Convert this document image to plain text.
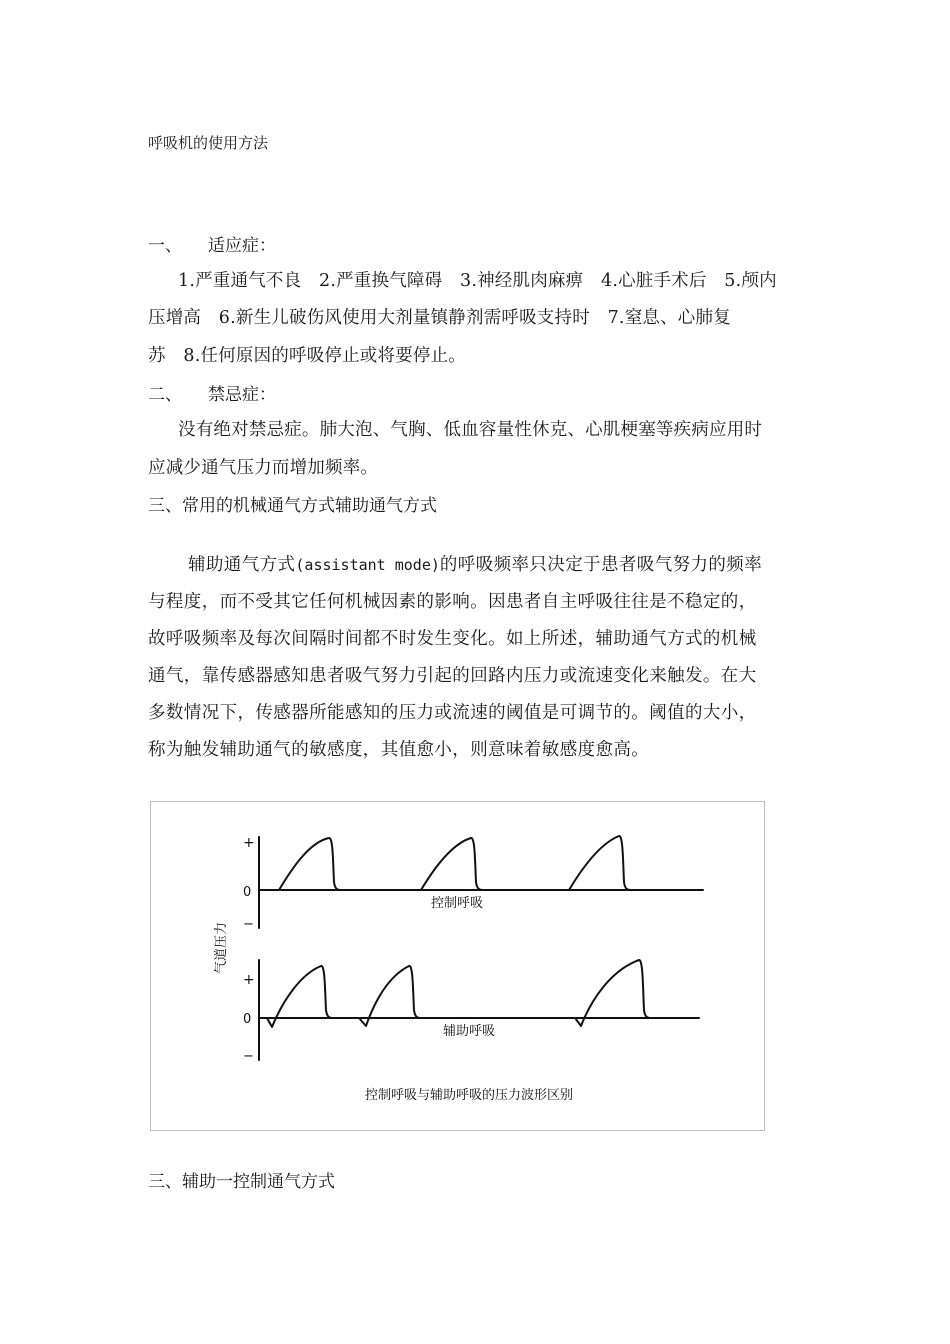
呼吸机的使用方法
一、 适应症：
1.严重通气不良　2.严重换气障碍　3.神经肌肉麻痹　4.心脏手术后　5.颅内
压增高　6.新生儿破伤风使用大剂量镇静剂需呼吸支持时　7.窒息、心肺复
苏　8.任何原因的呼吸停止或将要停止。
二、 禁忌症：
没有绝对禁忌症。肺大泡、气胸、低血容量性休克、心肌梗塞等疾病应用时
应减少通气压力而增加频率。
三、常用的机械通气方式辅助通气方式
辅助通气方式(assistant mode)的呼吸频率只决定于患者吸气努力的频率
与程度，而不受其它任何机械因素的影响。因患者自主呼吸往往是不稳定的，
故呼吸频率及每次间隔时间都不时发生变化。如上所述，辅助通气方式的机械
通气，靠传感器感知患者吸气努力引起的回路内压力或流速变化来触发。在大
多数情况下，传感器所能感知的压力或流速的阈值是可调节的。阈值的大小，
称为触发辅助通气的敏感度，其值愈小，则意味着敏感度愈高。
+
0
−
+
0
−
气道压力
控制呼吸
辅助呼吸
控制呼吸与辅助呼吸的压力波形区别
三、辅助一控制通气方式
